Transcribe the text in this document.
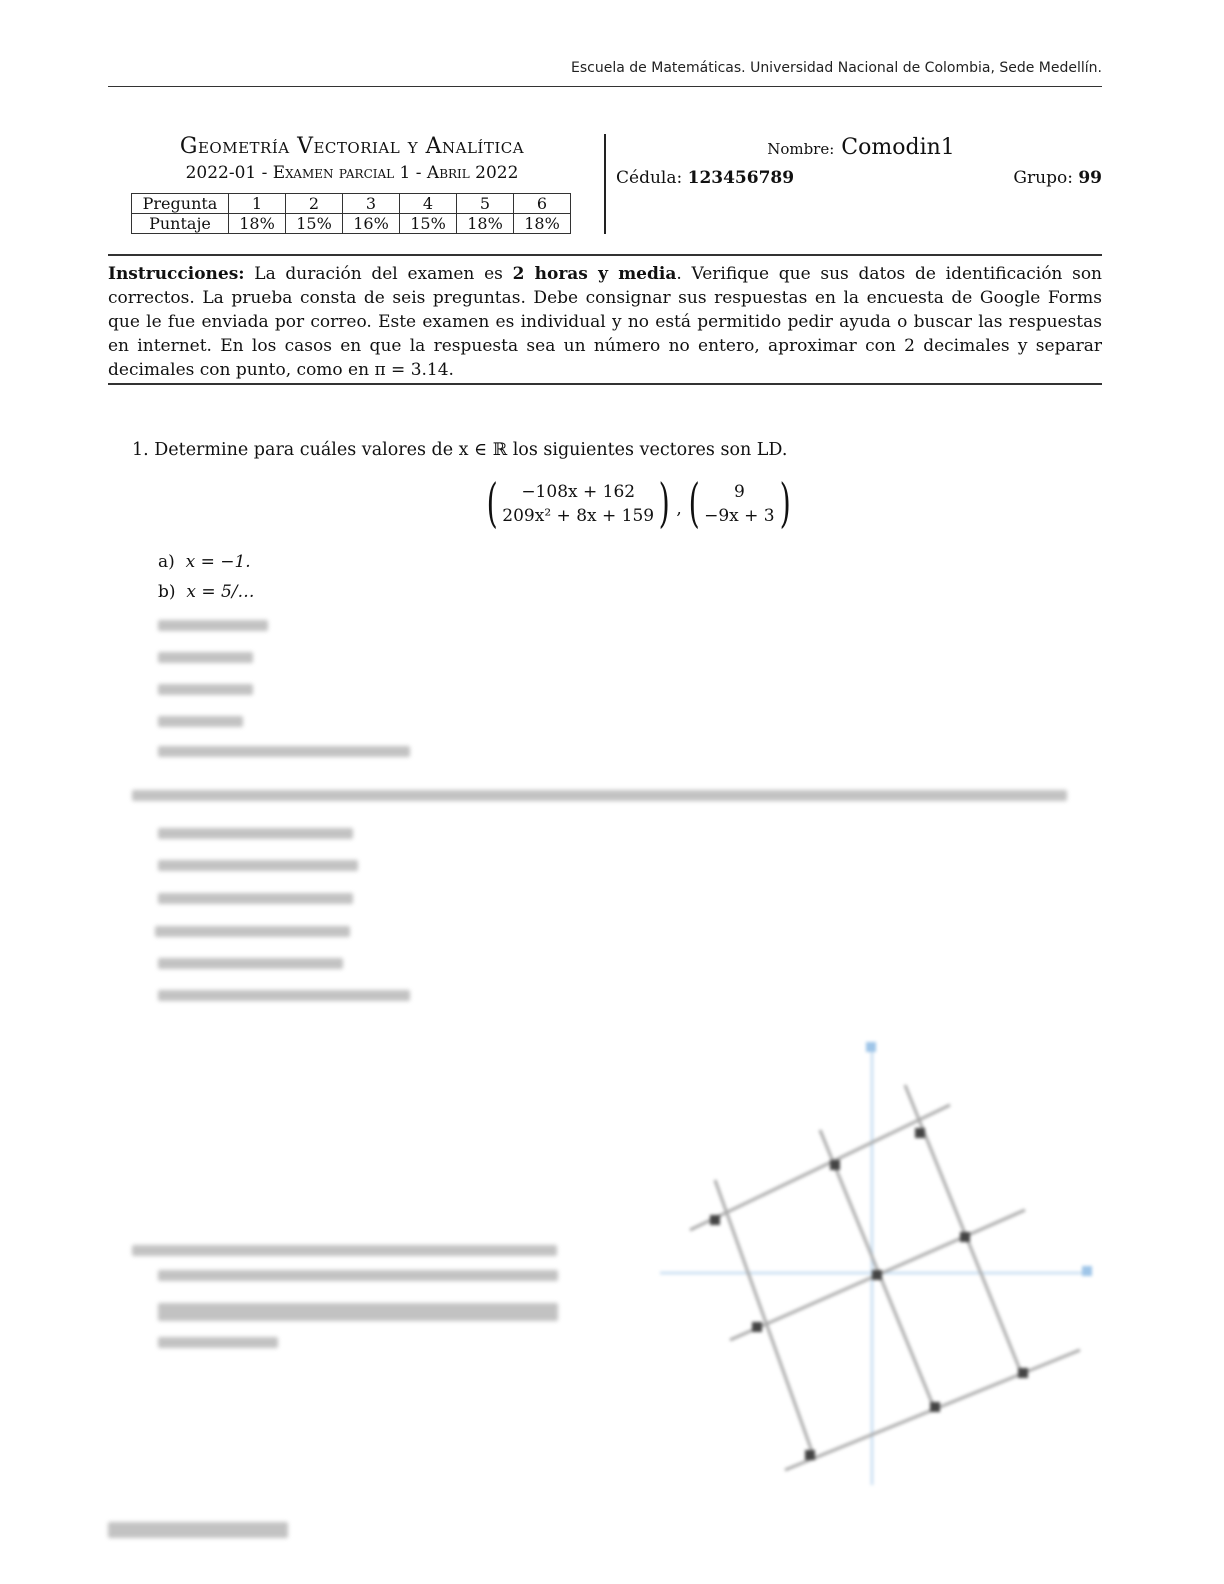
Escuela de Matemáticas. Universidad Nacional de Colombia, Sede Medellín.
Geometría Vectorial y Analítica
2022-01 - Examen parcial 1 - Abril 2022
Pregunta	1	2	3	4	5	6
Puntaje	18%	15%	16%	15%	18%	18%
Nombre: Comodin1
Cédula: 123456789	Grupo: 99
Instrucciones: La duración del examen es 2 horas y media. Verifique que sus datos de identificación son correctos. La prueba consta de seis preguntas. Debe consignar sus respuestas en la encuesta de Google Forms que le fue enviada por correo. Este examen es individual y no está permitido pedir ayuda o buscar las respuestas en internet. En los casos en que la respuesta sea un número no entero, aproximar con 2 decimales y separar decimales con punto, como en π = 3.14.
1. Determine para cuáles valores de x ∈ ℝ los siguientes vectores son LD.
( −108x + 162
209x² + 8x + 159 ) , ( 9
−9x + 3 )
a) x = −1.
b) x = 5/…
